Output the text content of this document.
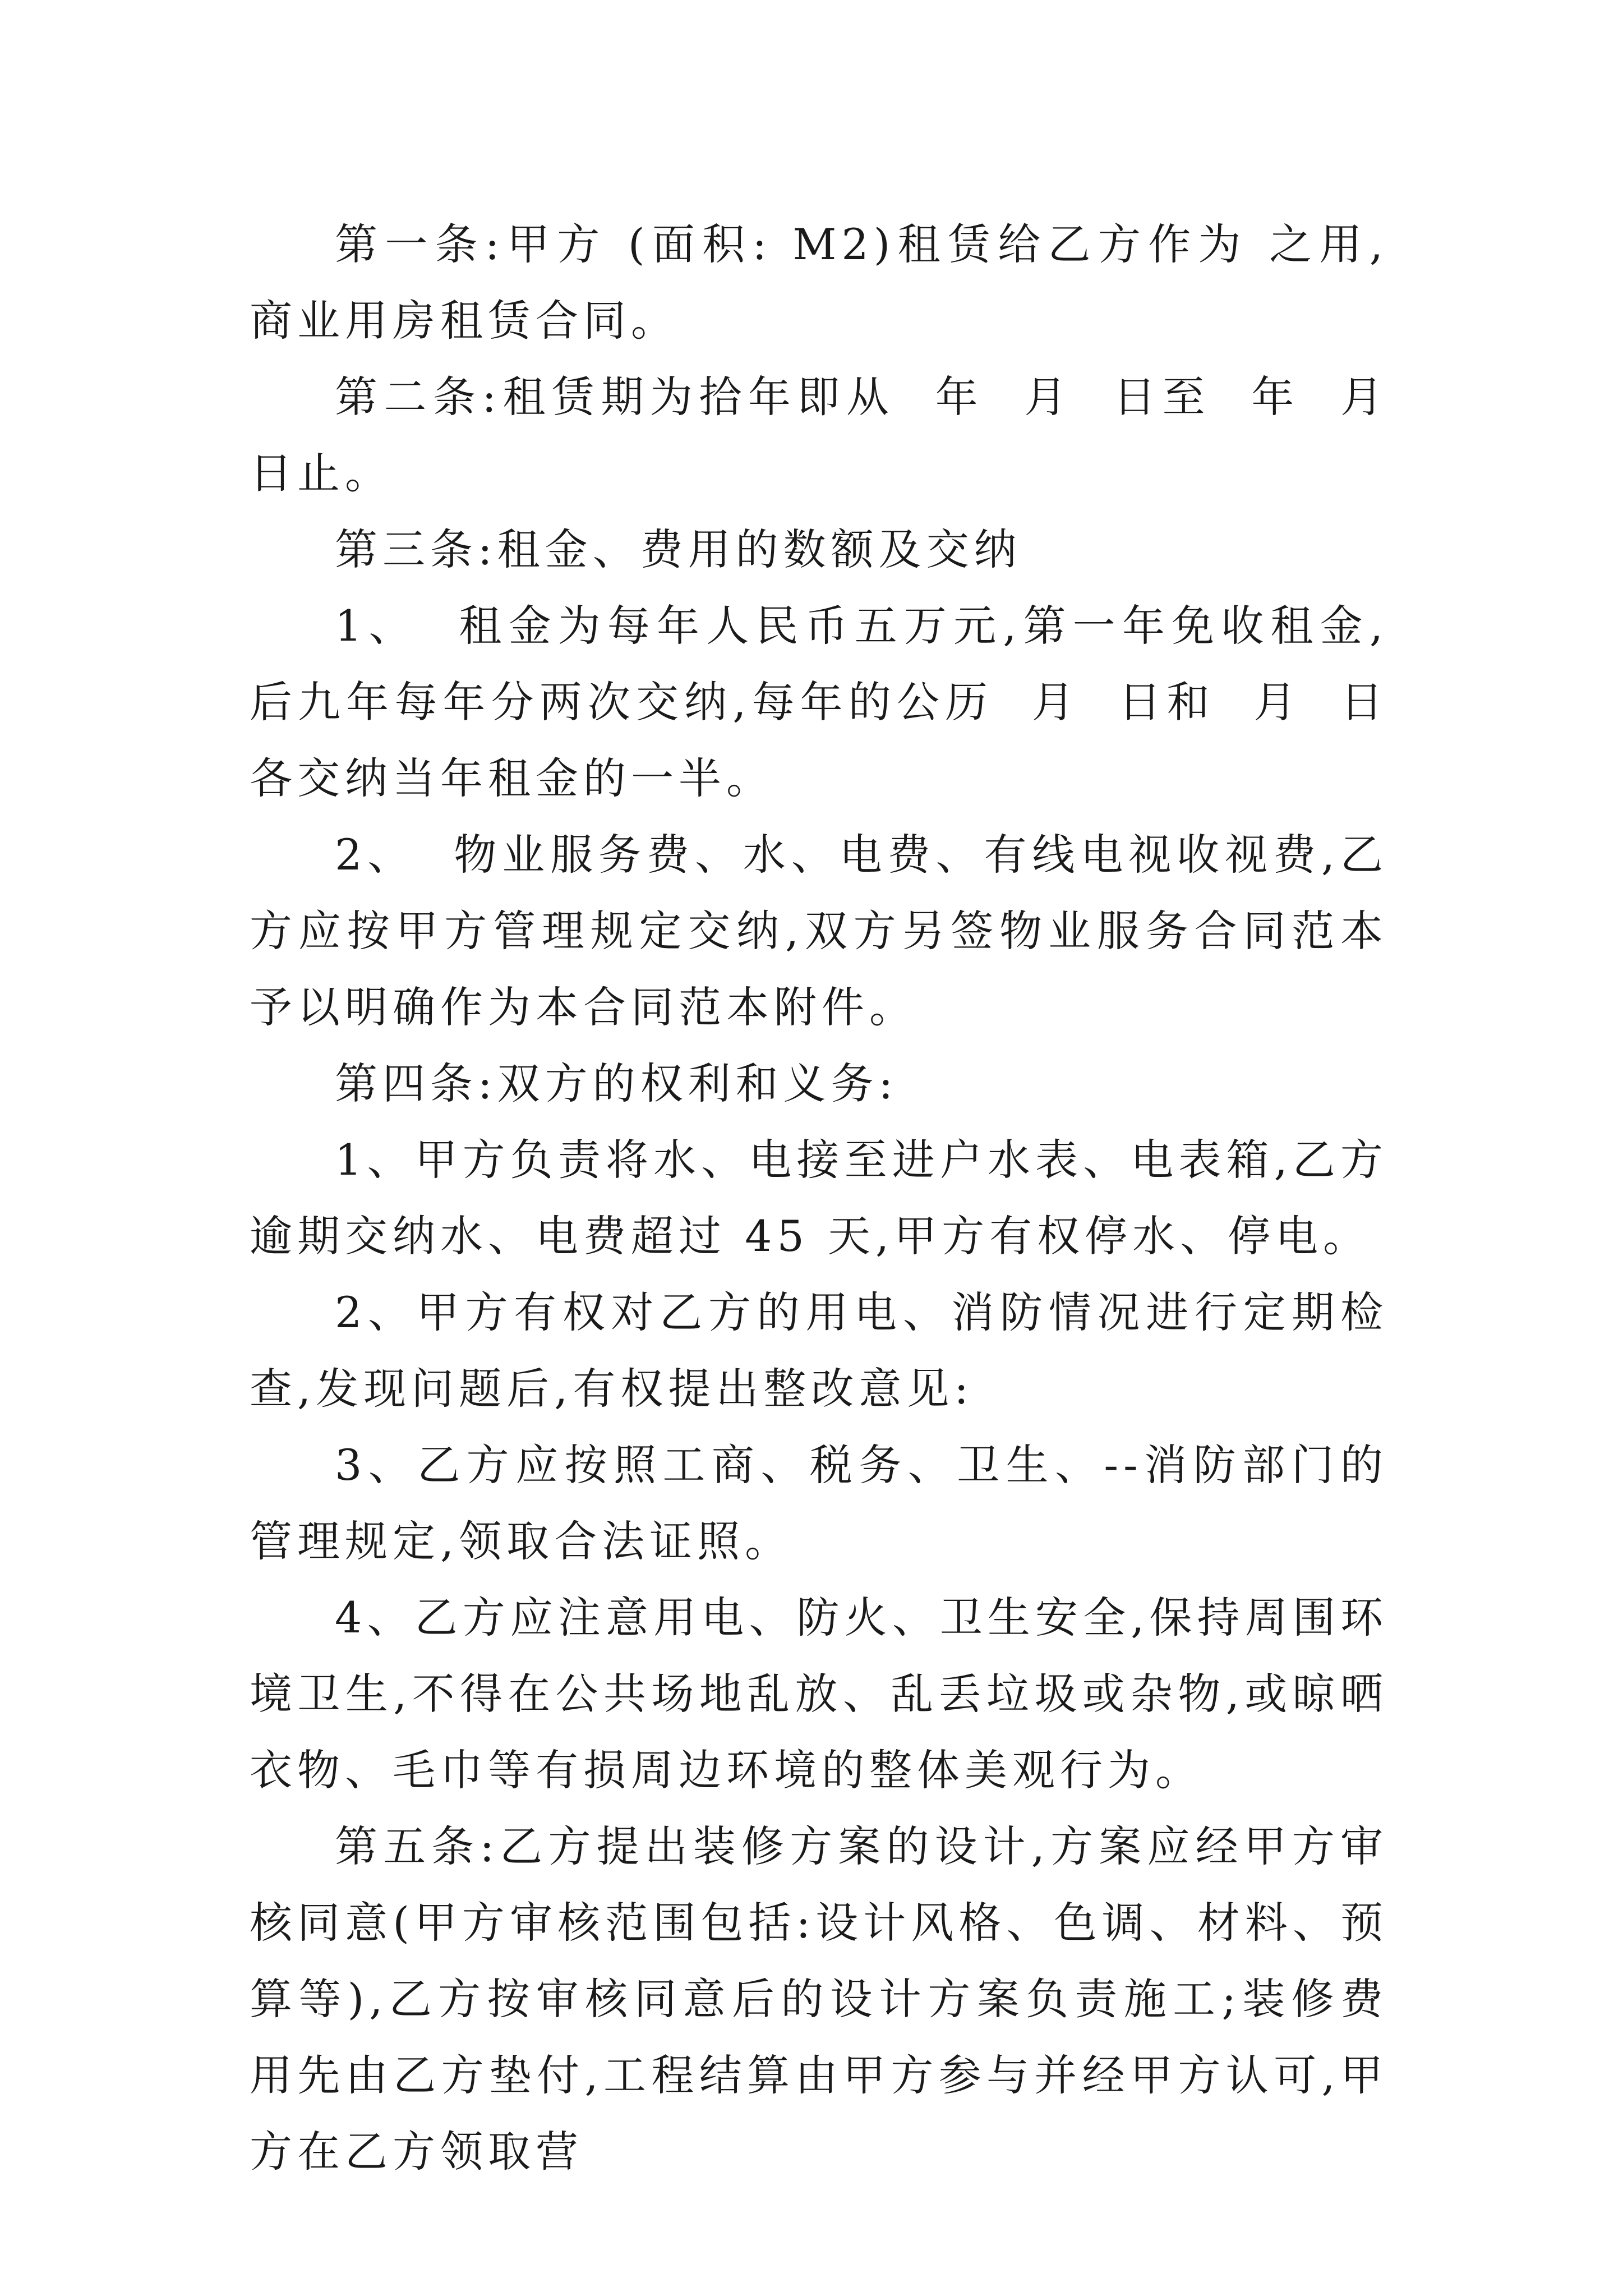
第一条:甲方 (面积: M2)租赁给乙方作为 之用, 商业用房租赁合同。

第二条:租赁期为拾年即从  年  月  日至  年  月  日止。

第三条:租金、费用的数额及交纳

1、  租金为每年人民币五万元,第一年免收租金,后九年每年分两次交纳,每年的公历  月  日和  月  日各交纳当年租金的一半。

2、  物业服务费、水、电费、有线电视收视费,乙方应按甲方管理规定交纳,双方另签物业服务合同范本予以明确作为本合同范本附件。

第四条:双方的权利和义务:

1、甲方负责将水、电接至进户水表、电表箱,乙方逾期交纳水、电费超过 45 天,甲方有权停水、停电。

2、甲方有权对乙方的用电、消防情况进行定期检查,发现问题后,有权提出整改意见:

3、乙方应按照工商、税务、卫生、--消防部门的管理规定,领取合法证照。

4、乙方应注意用电、防火、卫生安全,保持周围环境卫生,不得在公共场地乱放、乱丢垃圾或杂物,或晾晒衣物、毛巾等有损周边环境的整体美观行为。

第五条:乙方提出装修方案的设计,方案应经甲方审核同意(甲方审核范围包括:设计风格、色调、材料、预算等),乙方按审核同意后的设计方案负责施工;装修费用先由乙方垫付,工程结算由甲方参与并经甲方认可,甲方在乙方领取营
